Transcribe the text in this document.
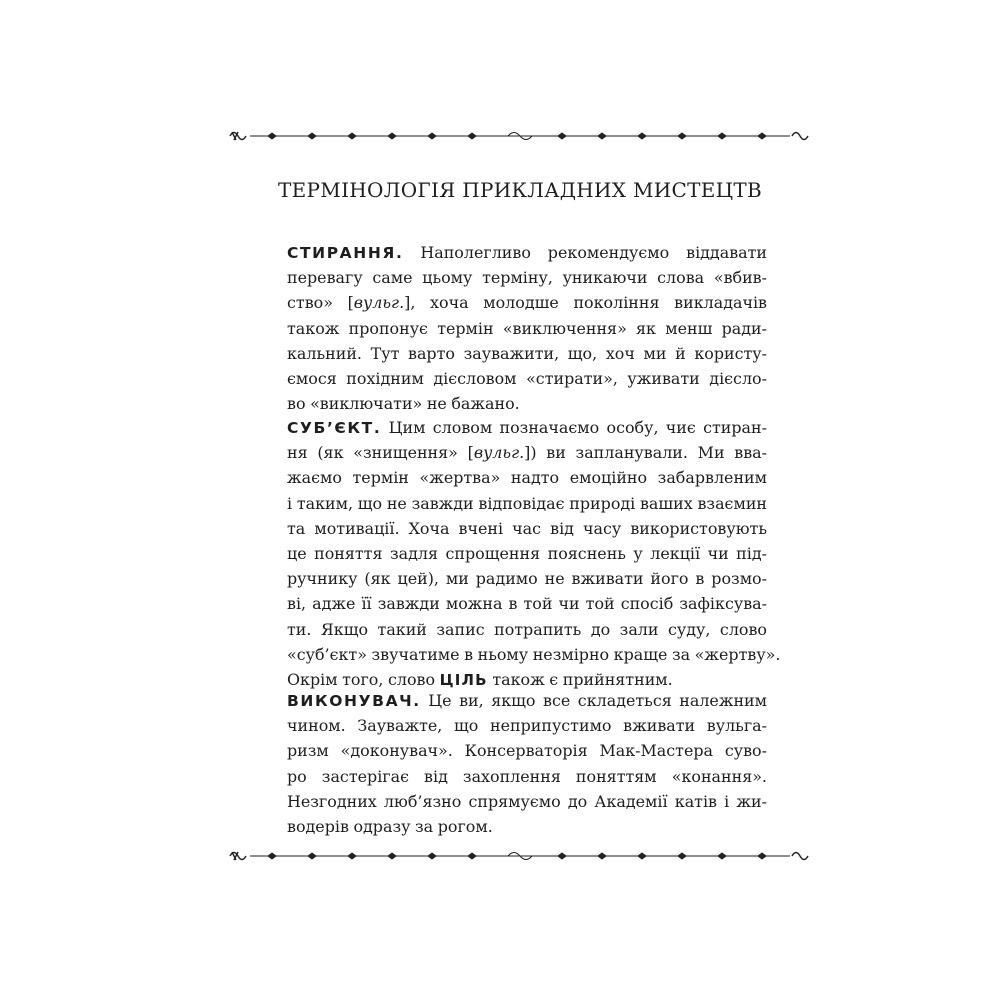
ТЕРМІНОЛОГІЯ ПРИКЛАДНИХ МИСТЕЦТВ
СТИРАННЯ. Наполегливо рекомендуємо віддавати
перевагу саме цьому терміну, уникаючи слова «вбив-
ство» [вульг.], хоча молодше покоління викладачів
також пропонує термін «виключення» як менш ради-
кальний. Тут варто зауважити, що, хоч ми й користу-
ємося похідним дієсловом «стирати», уживати дієсло-
во «виключати» не бажано.
СУБ’ЄКТ. Цим словом позначаємо особу, чиє стиран-
ня (як «знищення» [вульг.]) ви запланували. Ми вва-
жаємо термін «жертва» надто емоційно забарвленим
і таким, що не завжди відповідає природі ваших взаємин
та мотивації. Хоча вчені час від часу використовують
це поняття задля спрощення пояснень у лекції чи під-
ручнику (як цей), ми радимо не вживати його в розмо-
ві, адже її завжди можна в той чи той спосіб зафіксува-
ти. Якщо такий запис потрапить до зали суду, слово
«суб’єкт» звучатиме в ньому незмірно краще за «жертву».
Окрім того, слово ЦІЛЬ також є прийнятним.
ВИКОНУВАЧ. Це ви, якщо все складеться належним
чином. Зауважте, що неприпустимо вживати вульга-
ризм «доконувач». Консерваторія Мак-Мастера суво-
ро застерігає від захоплення поняттям «конання».
Незгодних люб’язно спрямуємо до Академії катів і жи-
водерів одразу за рогом.
